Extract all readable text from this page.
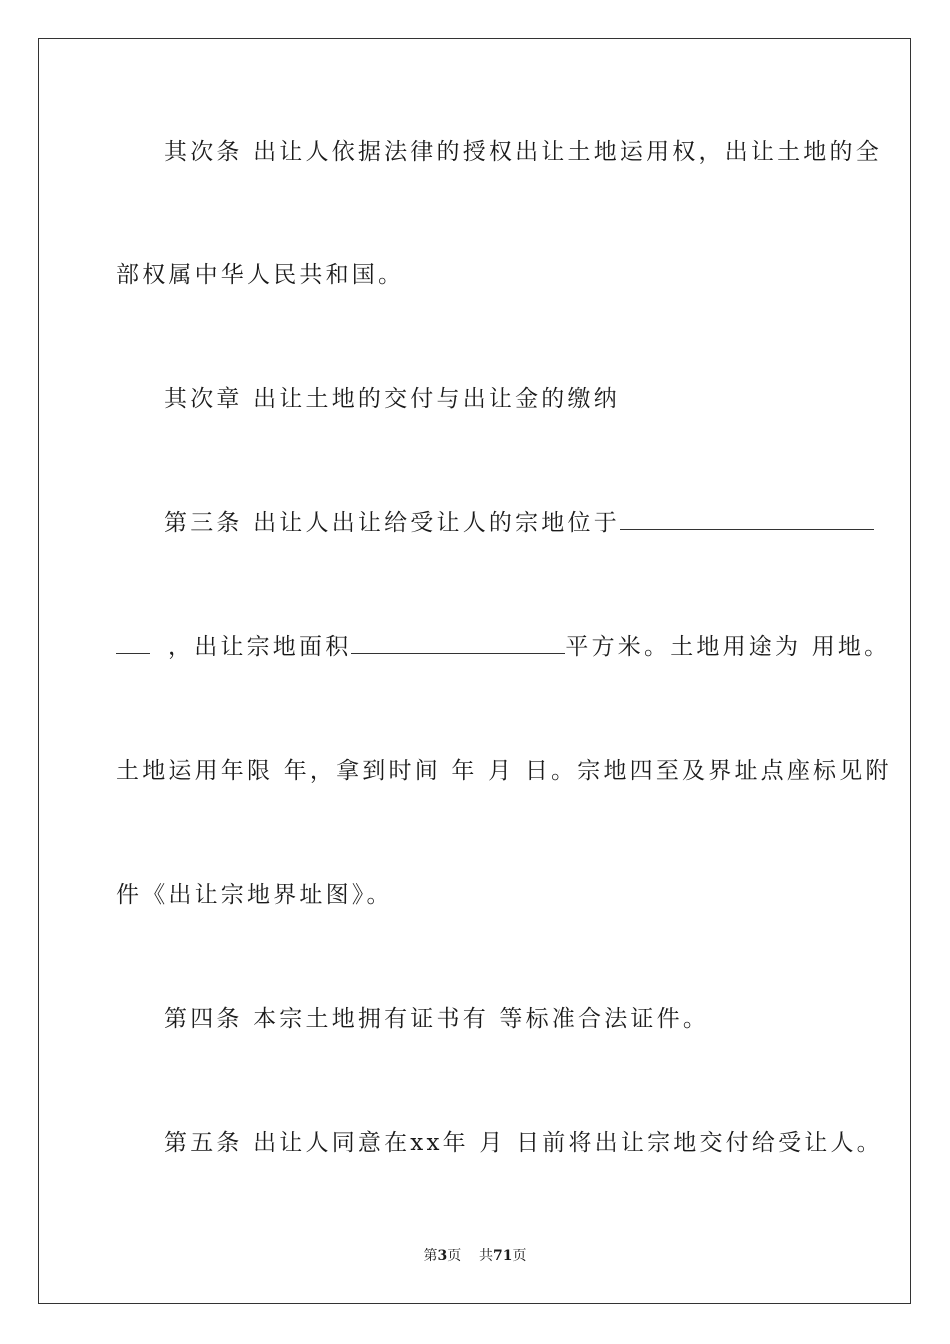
其次条 出让人依据法律的授权出让土地运用权，出让土地的全
部权属中华人民共和国。
其次章 出让土地的交付与出让金的缴纳
第三条 出让人出让给受让人的宗地位于
，出让宗地面积	平方米。土地用途为 用地。
土地运用年限 年，拿到时间 年 月 日。宗地四至及界址点座标见附
件《出让宗地界址图》。
第四条 本宗土地拥有证书有 等标准合法证件。
第五条 出让人同意在xx年 月 日前将出让宗地交付给受让人。
第3页 共71页
